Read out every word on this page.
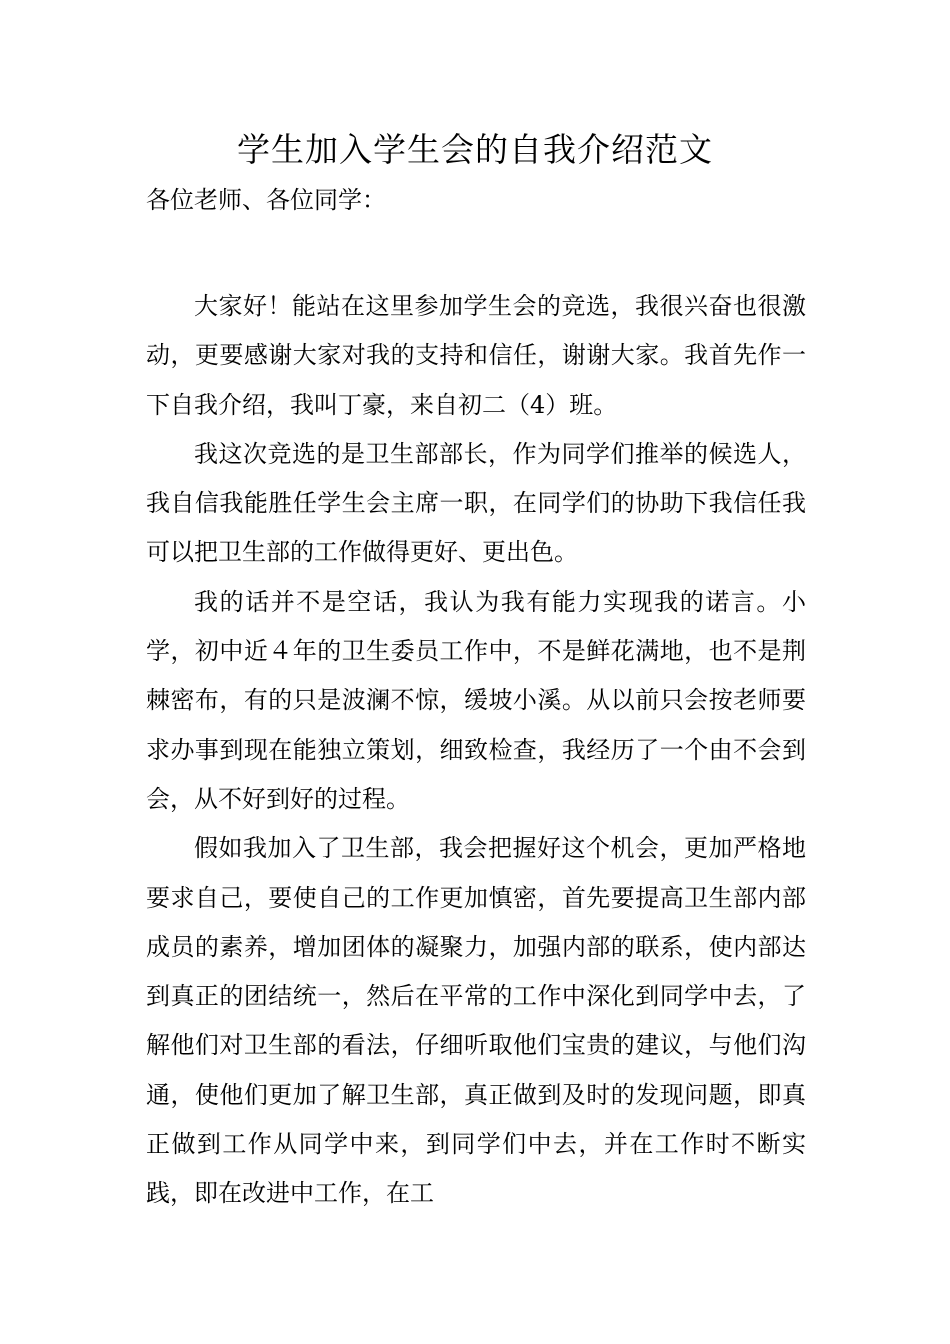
学生加入学生会的自我介绍范文

各位老师、各位同学：

大家好！能站在这里参加学生会的竞选，我很兴奋也很激动，更要感谢大家对我的支持和信任，谢谢大家。我首先作一下自我介绍，我叫丁豪，来自初二（4）班。

我这次竞选的是卫生部部长，作为同学们推举的候选人，我自信我能胜任学生会主席一职，在同学们的协助下我信任我可以把卫生部的工作做得更好、更出色。

我的话并不是空话，我认为我有能力实现我的诺言。小学，初中近４年的卫生委员工作中，不是鲜花满地，也不是荆棘密布，有的只是波澜不惊，缓坡小溪。从以前只会按老师要求办事到现在能独立策划，细致检查，我经历了一个由不会到会，从不好到好的过程。

假如我加入了卫生部，我会把握好这个机会，更加严格地要求自己，要使自己的工作更加慎密，首先要提高卫生部内部成员的素养，增加团体的凝聚力，加强内部的联系，使内部达到真正的团结统一，然后在平常的工作中深化到同学中去，了解他们对卫生部的看法，仔细听取他们宝贵的建议，与他们沟通，使他们更加了解卫生部，真正做到及时的发现问题，即真正做到工作从同学中来，到同学们中去，并在工作时不断实践，即在改进中工作，在工
